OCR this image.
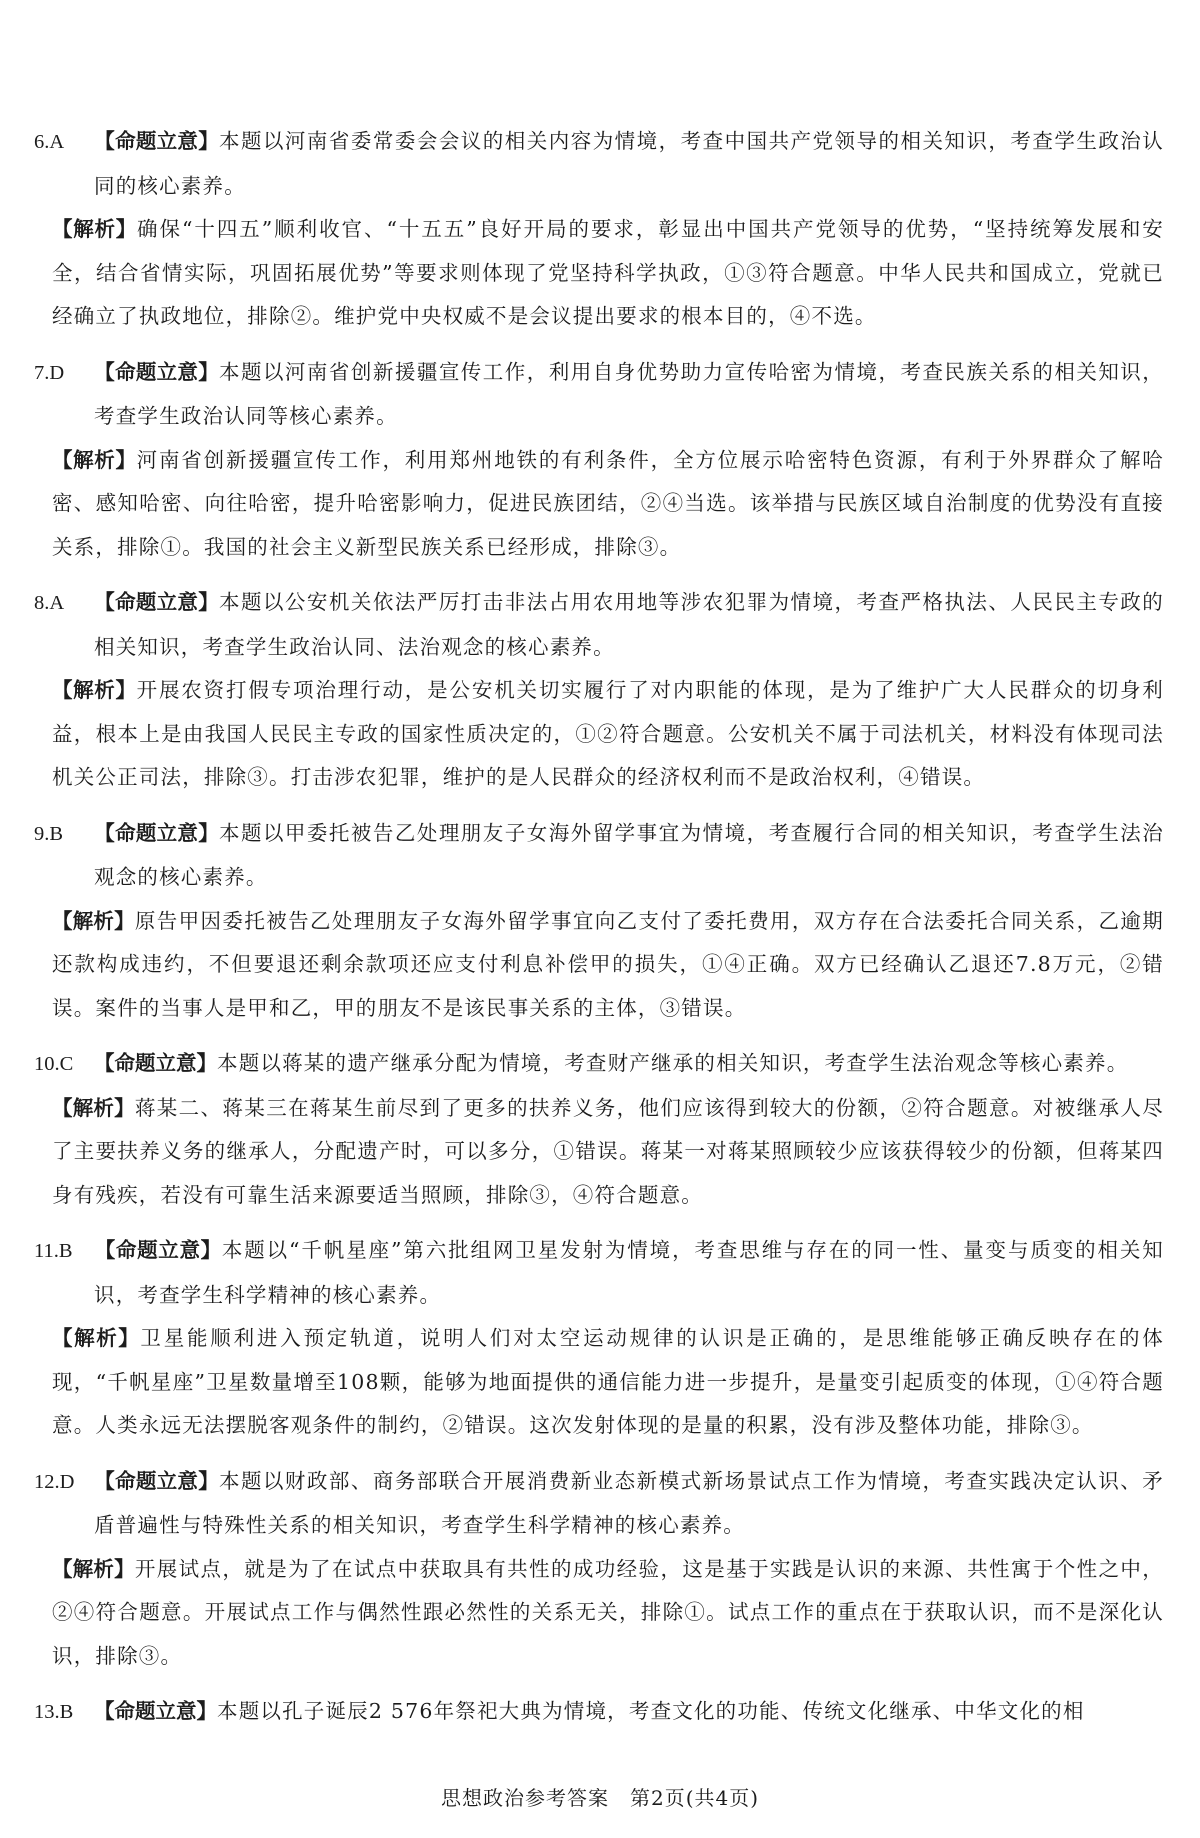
6.A 【命题立意】本题以河南省委常委会会议的相关内容为情境，考查中国共产党领导的相关知识，考查学生政治认同的核心素养。

【解析】确保“十四五”顺利收官、“十五五”良好开局的要求，彰显出中国共产党领导的优势，“坚持统筹发展和安全，结合省情实际，巩固拓展优势”等要求则体现了党坚持科学执政，①③符合题意。中华人民共和国成立，党就已经确立了执政地位，排除②。维护党中央权威不是会议提出要求的根本目的，④不选。

7.D 【命题立意】本题以河南省创新援疆宣传工作，利用自身优势助力宣传哈密为情境，考查民族关系的相关知识，考查学生政治认同等核心素养。

【解析】河南省创新援疆宣传工作，利用郑州地铁的有利条件，全方位展示哈密特色资源，有利于外界群众了解哈密、感知哈密、向往哈密，提升哈密影响力，促进民族团结，②④当选。该举措与民族区域自治制度的优势没有直接关系，排除①。我国的社会主义新型民族关系已经形成，排除③。

8.A 【命题立意】本题以公安机关依法严厉打击非法占用农用地等涉农犯罪为情境，考查严格执法、人民民主专政的相关知识，考查学生政治认同、法治观念的核心素养。

【解析】开展农资打假专项治理行动，是公安机关切实履行了对内职能的体现，是为了维护广大人民群众的切身利益，根本上是由我国人民民主专政的国家性质决定的，①②符合题意。公安机关不属于司法机关，材料没有体现司法机关公正司法，排除③。打击涉农犯罪，维护的是人民群众的经济权利而不是政治权利，④错误。

9.B 【命题立意】本题以甲委托被告乙处理朋友子女海外留学事宜为情境，考查履行合同的相关知识，考查学生法治观念的核心素养。

【解析】原告甲因委托被告乙处理朋友子女海外留学事宜向乙支付了委托费用，双方存在合法委托合同关系，乙逾期还款构成违约，不但要退还剩余款项还应支付利息补偿甲的损失，①④正确。双方已经确认乙退还7.8万元，②错误。案件的当事人是甲和乙，甲的朋友不是该民事关系的主体，③错误。

10.C 【命题立意】本题以蒋某的遗产继承分配为情境，考查财产继承的相关知识，考查学生法治观念等核心素养。

【解析】蒋某二、蒋某三在蒋某生前尽到了更多的扶养义务，他们应该得到较大的份额，②符合题意。对被继承人尽了主要扶养义务的继承人，分配遗产时，可以多分，①错误。蒋某一对蒋某照顾较少应该获得较少的份额，但蒋某四身有残疾，若没有可靠生活来源要适当照顾，排除③，④符合题意。

11.B 【命题立意】本题以“千帆星座”第六批组网卫星发射为情境，考查思维与存在的同一性、量变与质变的相关知识，考查学生科学精神的核心素养。

【解析】卫星能顺利进入预定轨道，说明人们对太空运动规律的认识是正确的，是思维能够正确反映存在的体现，“千帆星座”卫星数量增至108颗，能够为地面提供的通信能力进一步提升，是量变引起质变的体现，①④符合题意。人类永远无法摆脱客观条件的制约，②错误。这次发射体现的是量的积累，没有涉及整体功能，排除③。

12.D 【命题立意】本题以财政部、商务部联合开展消费新业态新模式新场景试点工作为情境，考查实践决定认识、矛盾普遍性与特殊性关系的相关知识，考查学生科学精神的核心素养。

【解析】开展试点，就是为了在试点中获取具有共性的成功经验，这是基于实践是认识的来源、共性寓于个性之中，②④符合题意。开展试点工作与偶然性跟必然性的关系无关，排除①。试点工作的重点在于获取认识，而不是深化认识，排除③。

13.B 【命题立意】本题以孔子诞辰2 576年祭祀大典为情境，考查文化的功能、传统文化继承、中华文化的相

思想政治参考答案　第2页(共4页)
